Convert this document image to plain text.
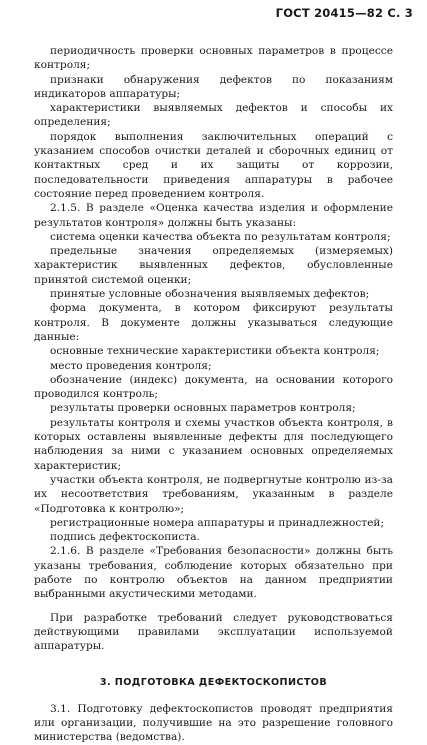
ГОСТ 20415—82 С. 3

периодичность проверки основных параметров в процессе контроля;

признаки обнаружения дефектов по показаниям индикаторов аппаратуры;

характеристики выявляемых дефектов и способы их определения;

порядок выполнения заключительных операций с указанием способов очистки деталей и сборочных единиц от контактных сред и их защиты от коррозии, последовательности приведения аппаратуры в рабочее состояние перед проведением контроля.

2.1.5. В разделе «Оценка качества изделия и оформление результатов контроля» должны быть указаны:

система оценки качества объекта по результатам контроля;

предельные значения определяемых (измеряемых) характеристик выявленных дефектов, обусловленные принятой системой оценки;

принятые условные обозначения выявляемых дефектов;

форма документа, в котором фиксируют результаты контроля. В документе должны указываться следующие данные:

основные технические характеристики объекта контроля;

место проведения контроля;

обозначение (индекс) документа, на основании которого проводился контроль;

результаты проверки основных параметров контроля;

результаты контроля и схемы участков объекта контроля, в которых оставлены выявленные дефекты для последующего наблюдения за ними с указанием основных определяемых характеристик;

участки объекта контроля, не подвергнутые контролю из-за их несоответствия требованиям, указанным в разделе «Подготовка к контролю»;

регистрационные номера аппаратуры и принадлежностей;

подпись дефектоскописта.

2.1.6. В разделе «Требования безопасности» должны быть указаны требования, соблюдение которых обязательно при работе по контролю объектов на данном предприятии выбранными акустическими методами.

При разработке требований следует руководствоваться действующими правилами эксплуатации используемой аппаратуры.

3. ПОДГОТОВКА ДЕФЕКТОСКОПИСТОВ

3.1. Подготовку дефектоскопистов проводят предприятия или организации, получившие на это разрешение головного министерства (ведомства).
